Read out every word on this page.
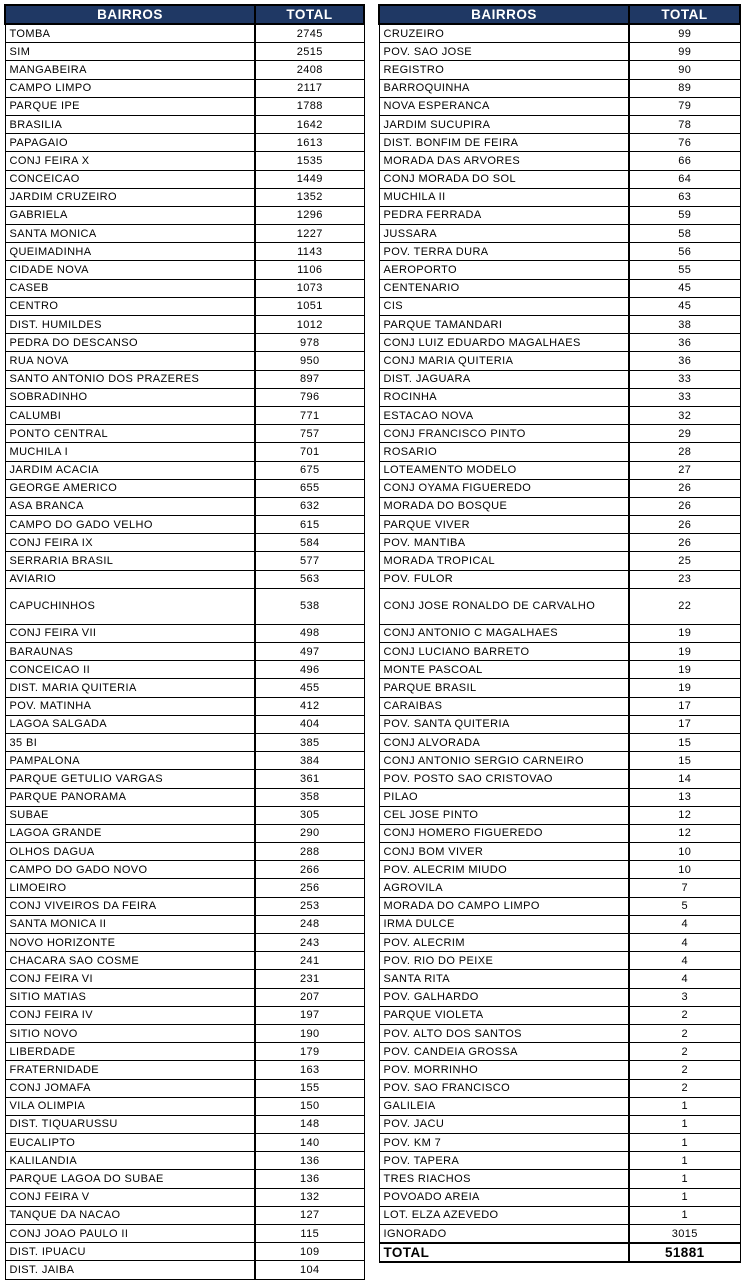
BAIRROS	TOTAL
TOMBA	2745
SIM	2515
MANGABEIRA	2408
CAMPO LIMPO	2117
PARQUE IPE	1788
BRASILIA	1642
PAPAGAIO	1613
CONJ FEIRA X	1535
CONCEICAO	1449
JARDIM CRUZEIRO	1352
GABRIELA	1296
SANTA MONICA	1227
QUEIMADINHA	1143
CIDADE NOVA	1106
CASEB	1073
CENTRO	1051
DIST. HUMILDES	1012
PEDRA DO DESCANSO	978
RUA NOVA	950
SANTO ANTONIO DOS PRAZERES	897
SOBRADINHO	796
CALUMBI	771
PONTO CENTRAL	757
MUCHILA I	701
JARDIM ACACIA	675
GEORGE AMERICO	655
ASA BRANCA	632
CAMPO DO GADO VELHO	615
CONJ FEIRA IX	584
SERRARIA BRASIL	577
AVIARIO	563
CAPUCHINHOS	538
CONJ FEIRA VII	498
BARAUNAS	497
CONCEICAO II	496
DIST. MARIA QUITERIA	455
POV. MATINHA	412
LAGOA SALGADA	404
35 BI	385
PAMPALONA	384
PARQUE GETULIO VARGAS	361
PARQUE PANORAMA	358
SUBAE	305
LAGOA GRANDE	290
OLHOS DAGUA	288
CAMPO DO GADO NOVO	266
LIMOEIRO	256
CONJ VIVEIROS DA FEIRA	253
SANTA MONICA II	248
NOVO HORIZONTE	243
CHACARA SAO COSME	241
CONJ FEIRA VI	231
SITIO MATIAS	207
CONJ FEIRA IV	197
SITIO NOVO	190
LIBERDADE	179
FRATERNIDADE	163
CONJ JOMAFA	155
VILA OLIMPIA	150
DIST. TIQUARUSSU	148
EUCALIPTO	140
KALILANDIA	136
PARQUE LAGOA DO SUBAE	136
CONJ FEIRA V	132
TANQUE DA NACAO	127
CONJ JOAO PAULO II	115
DIST. IPUACU	109
DIST. JAIBA	104
BAIRROS	TOTAL
CRUZEIRO	99
POV. SAO JOSE	99
REGISTRO	90
BARROQUINHA	89
NOVA ESPERANCA	79
JARDIM SUCUPIRA	78
DIST. BONFIM DE FEIRA	76
MORADA DAS ARVORES	66
CONJ MORADA DO SOL	64
MUCHILA II	63
PEDRA FERRADA	59
JUSSARA	58
POV. TERRA DURA	56
AEROPORTO	55
CENTENARIO	45
CIS	45
PARQUE TAMANDARI	38
CONJ LUIZ EDUARDO MAGALHAES	36
CONJ MARIA QUITERIA	36
DIST. JAGUARA	33
ROCINHA	33
ESTACAO NOVA	32
CONJ FRANCISCO PINTO	29
ROSARIO	28
LOTEAMENTO MODELO	27
CONJ OYAMA FIGUEREDO	26
MORADA DO BOSQUE	26
PARQUE VIVER	26
POV. MANTIBA	26
MORADA TROPICAL	25
POV. FULOR	23
CONJ JOSE RONALDO DE CARVALHO	22
CONJ ANTONIO C MAGALHAES	19
CONJ LUCIANO BARRETO	19
MONTE PASCOAL	19
PARQUE BRASIL	19
CARAIBAS	17
POV. SANTA QUITERIA	17
CONJ ALVORADA	15
CONJ ANTONIO SERGIO CARNEIRO	15
POV. POSTO SAO CRISTOVAO	14
PILAO	13
CEL JOSE PINTO	12
CONJ HOMERO FIGUEREDO	12
CONJ BOM VIVER	10
POV. ALECRIM MIUDO	10
AGROVILA	7
MORADA DO CAMPO LIMPO	5
IRMA DULCE	4
POV. ALECRIM	4
POV. RIO DO PEIXE	4
SANTA RITA	4
POV. GALHARDO	3
PARQUE VIOLETA	2
POV. ALTO DOS SANTOS	2
POV. CANDEIA GROSSA	2
POV. MORRINHO	2
POV. SAO FRANCISCO	2
GALILEIA	1
POV. JACU	1
POV. KM 7	1
POV. TAPERA	1
TRES RIACHOS	1
POVOADO AREIA	1
LOT. ELZA AZEVEDO	1
IGNORADO	3015
TOTAL	51881
